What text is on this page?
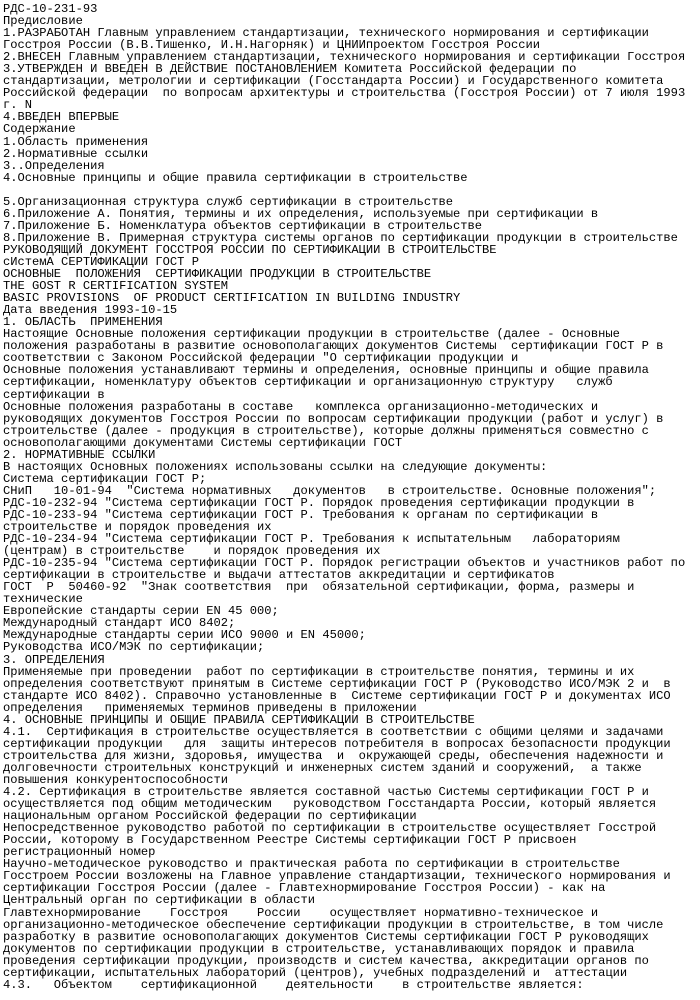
РДС-10-231-93
Предисловие
1.РАЗРАБОТАН Главным управлением стандартизации, технического нормирования и сертификации
Госстроя России (В.В.Тишенко, И.Н.Нагорняк) и ЦНИИпроектом Госстроя России
2.ВНЕСЕН Главным управлением стандартизации, технического нормирования и сертификации Госстроя
3.УТВЕРЖДЕН И ВВЕДЕН В ДЕЙСТВИЕ ПОСТАНОВЛЕНИЕМ Комитета Российской федерации по
стандартизации, метрологии и сертификации (Госстандарта России) и Государственного комитета
Российской федерации  по вопросам архитектуры и строительства (Госстроя России) от 7 июля 1993
г. N
4.ВВЕДЕН ВПЕРВЫЕ
Содержание
1.Область применения
2.Нормативные ссылки
3..Определения
4.Основные принципы и общие правила сертификации в строительстве
5.Организационная структура служб сертификации в строительстве
6.Приложение А. Понятия, термины и их определения, используемые при сертификации в
7.Приложение Б. Номенклатура объектов сертификации в строительстве
8.Приложение В. Примерная структура системы органов по сертификации продукции в строительстве
РУКОВОДЯЩИЙ ДОКУМЕНТ ГОССТРОЯ РОССИИ ПО СЕРТИФИКАЦИИ В СТРОИТЕЛЬСТВЕ
сИстемА СЕРТИФИКАЦИИ ГОСТ Р
ОСНОВНЫЕ  ПОЛОЖЕНИЯ  СЕРТИФИКАЦИИ ПРОДУКЦИИ В СТРОИТЕЛЬСТВЕ
THE GOST R CERTIFICATION SYSTEM
BASIC PROVISIONS  OF PRODUCT CERTIFICATION IN BUILDING INDUSTRY
Дата введения 1993-10-15
1. ОБЛАСТЬ  ПРИМЕНЕНИЯ
Настоящие Основные положения сертификации продукции в строительстве (далее - Основные
положения разработаны в развитие основополагающих документов Системы  сертификации ГОСТ Р в
соответствии с Законом Российской федерации "О сертификации продукции и
Основные положения устанавливают термины и определения, основные принципы и общие правила
сертификации, номенклатуру объектов сертификации и организационную структуру   служб
сертификации в
Основные положения разработаны в составе   комплекса организационно-методических и
руководящих документов Госстроя России по вопросам сертификации продукции (работ и услуг) в
строительстве (далее - продукция в строительстве), которые должны применяться совместно с
основополагающими документами Системы сертификации ГОСТ
2. НОРМАТИВНЫЕ ССЫЛКИ
В настоящих Основных положениях использованы ссылки на следующие документы:
Система сертификации ГОСТ Р;
СНиП   10-01-94  "Система нормативных   документов   в строительстве. Основные положения";
РДС-10-232-94 "Система сертификации ГОСТ Р. Порядок проведения сертификации продукции в
РДС-10-233-94 "Система сертификации ГОСТ Р. Требования к органам по сертификации в
строительстве и порядок проведения их
РДС-10-234-94 "Система сертификации ГОСТ Р. Требования к испытательным   лабораториям
(центрам) в строительстве    и порядок проведения их
РДС-10-235-94 "Система сертификации ГОСТ Р. Порядок регистрации объектов и участников работ по
сертификации в строительстве и выдачи аттестатов аккредитации и сертификатов
ГОСТ  Р  50460-92  "Знак соответствия  при  обязательной сертификации, форма, размеры и
технические
Европейские стандарты серии EN 45 000;
Международный стандарт ИСО 8402;
Международные стандарты серии ИСО 9000 и EN 45000;
Руководства ИСО/МЭК по сертификации;
3. ОПРЕДЕЛЕНИЯ
Применяемые при проведении  работ по сертификации в строительстве понятия, термины и их
определения соответствуют принятым в Системе сертификации ГОСТ Р (Руководство ИСО/МЭК 2 и  в
стандарте ИСО 8402). Справочно установленные в  Системе сертификации ГОСТ Р и документах ИСО
определения   применяемых терминов приведены в приложении
4. ОСНОВНЫЕ ПРИНЦИПЫ И ОБЩИЕ ПРАВИЛА СЕРТИФИКАЦИИ В СТРОИТЕЛЬСТВЕ
4.1.  Сертификация в строительстве осуществляется в соответствии с общими целями и задачами
сертификации продукции   для  защиты интересов потребителя в вопросах безопасности продукции
строительства для жизни, здоровья, имущества  и  окружающей среды, обеспечения надежности и
долговечности строительных конструкций и инженерных систем зданий и сооружений,  а также
повышения конкурентоспособности
4.2. Сертификация в строительстве является составной частью Системы сертификации ГОСТ Р и
осуществляется под общим методическим   руководством Госстандарта России, который является
национальным органом Российской федерации по сертификации
Непосредственное руководство работой по сертификации в строительстве осуществляет Госстрой
России, которому в Государственном Реестре Системы сертификации ГОСТ Р присвоен
регистрационный номер
Научно-методическое руководство и практическая работа по сертификации в строительстве
Госстроем России возложены на Главное управление стандартизации, технического нормирования и
сертификации Госстроя России (далее - Главтехнормирование Госстроя России) - как на
Центральный орган по сертификации в области
Главтехнормирование    Госстроя    России    осуществляет нормативно-техническое и
организационно-методическое обеспечение сертификации продукции в строительстве, в том числе
разработку в развитие основополагающих документов Системы сертификации ГОСТ Р руководящих
документов по сертификации продукции в строительстве, устанавливающих порядок и правила
проведения сертификации продукции, производств и систем качества, аккредитации органов по
сертификации, испытательных лабораторий (центров), учебных подразделений и  аттестации
4.3.   Объектом    сертификационной    деятельности    в строительстве является:
